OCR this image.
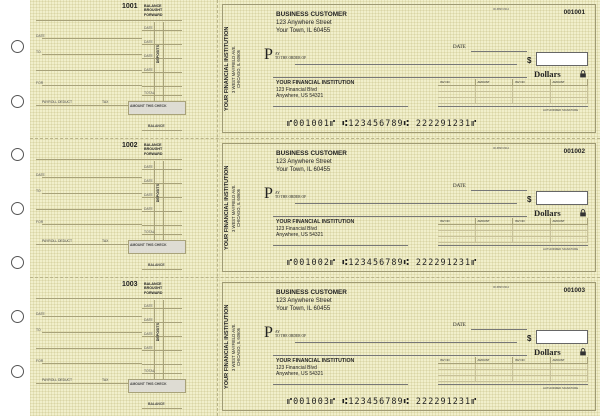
1001 BALANCE
BROUGHT
FORWARD
DATE
TO
FOR
DATE
DATE
DATE
DATE
DEPOSITS
TOTAL
PAYROLL DEDUCT	TAX
AMOUNT THIS CHECK
BALANCE
YOUR FINANCIAL INSTITUTION 3 WEST MAYFIELD AVE. CHICAGO, IL 60606
BUSINESS CUSTOMER
123 Anywhere Street
Your Town, IL 60455
00-6897/2314	001001
DATE
P AY
TO THE ORDER OF	$
Dollars
YOUR FINANCIAL INSTITUTION
123 Financial Blvd
Anywhere, US 54321
INV NO	AMOUNT	INV NO	AMOUNT
AUTHORIZED SIGNATURE
⑈001001⑈ ⑆123456789⑆ 222291231⑈
1002 BALANCE
BROUGHT
FORWARD
DATE
TO
FOR
DATE
DATE
DATE
DATE
DEPOSITS
TOTAL
PAYROLL DEDUCT	TAX
AMOUNT THIS CHECK
BALANCE
YOUR FINANCIAL INSTITUTION 3 WEST MAYFIELD AVE. CHICAGO, IL 60606
BUSINESS CUSTOMER
123 Anywhere Street
Your Town, IL 60455
00-6897/2314	001002
DATE
P AY
TO THE ORDER OF	$
Dollars
YOUR FINANCIAL INSTITUTION
123 Financial Blvd
Anywhere, US 54321
INV NO	AMOUNT	INV NO	AMOUNT
AUTHORIZED SIGNATURE
⑈001002⑈ ⑆123456789⑆ 222291231⑈
1003 BALANCE
BROUGHT
FORWARD
DATE
TO
FOR
DATE
DATE
DATE
DATE
DEPOSITS
TOTAL
PAYROLL DEDUCT	TAX
AMOUNT THIS CHECK
BALANCE
YOUR FINANCIAL INSTITUTION 3 WEST MAYFIELD AVE. CHICAGO, IL 60606
BUSINESS CUSTOMER
123 Anywhere Street
Your Town, IL 60455
00-6897/2314	001003
DATE
P AY
TO THE ORDER OF	$
Dollars
YOUR FINANCIAL INSTITUTION
123 Financial Blvd
Anywhere, US 54321
INV NO	AMOUNT	INV NO	AMOUNT
AUTHORIZED SIGNATURE
⑈001003⑈ ⑆123456789⑆ 222291231⑈
